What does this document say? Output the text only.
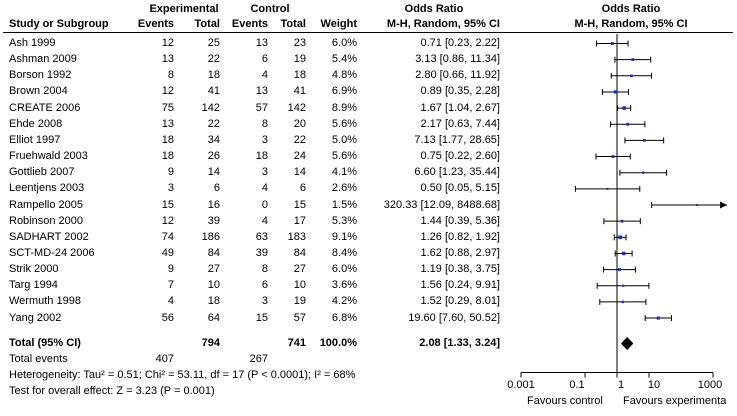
Experimental	Control	Odds Ratio	Odds Ratio
Study or Subgroup	Events	Total	Events	Total	Weight	M-H, Random, 95% CI	M-H, Random, 95% CI
Total (95% CI)	794	741	100.0%	2.08 [1.33, 3.24]
Total events	407	267
Heterogeneity: Tau² = 0.51; Chi² = 53.11, df = 17 (P < 0.0001); I² = 68%
Test for overall effect: Z = 3.23 (P = 0.001)	0.001	0.1	1	10	1000
Favours control Favours experimenta
Ash 1999	12	25	13	23	6.0%	0.71 [0.23, 2.22]
Ashman 2009	13	22	6	19	5.4%	3.13 [0.86, 11.34]
Borson 1992	8	18	4	18	4.8%	2.80 [0.66, 11.92]
Brown 2004	12	41	13	41	6.9%	0.89 [0.35, 2.28]
CREATE 2006	75	142	57	142	8.9%	1.67 [1.04, 2.67]
Ehde 2008	13	22	8	20	5.6%	2.17 [0.63, 7.44]
Elliot 1997	18	34	3	22	5.0%	7.13 [1.77, 28.65]
Fruehwald 2003	18	26	18	24	5.6%	0.75 [0.22, 2.60]
Gottlieb 2007	9	14	3	14	4.1%	6.60 [1.23, 35.44]
Leentjens 2003	3	6	4	6	2.6%	0.50 [0.05, 5.15]
Rampello 2005	15	16	0	15	1.5%	320.33 [12.09, 8488.68]
Robinson 2000	12	39	4	17	5.3%	1.44 [0.39, 5.36]
SADHART 2002	74	186	63	183	9.1%	1.26 [0.82, 1.92]
SCT-MD-24 2006	49	84	39	84	8.4%	1.62 [0.88, 2.97]
Strik 2000	9	27	8	27	6.0%	1.19 [0.38, 3.75]
Targ 1994	7	10	6	10	3.6%	1.56 [0.24, 9.91]
Wermuth 1998	4	18	3	19	4.2%	1.52 [0.29, 8.01]
Yang 2002	56	64	15	57	6.8%	19.60 [7.60, 50.52]
